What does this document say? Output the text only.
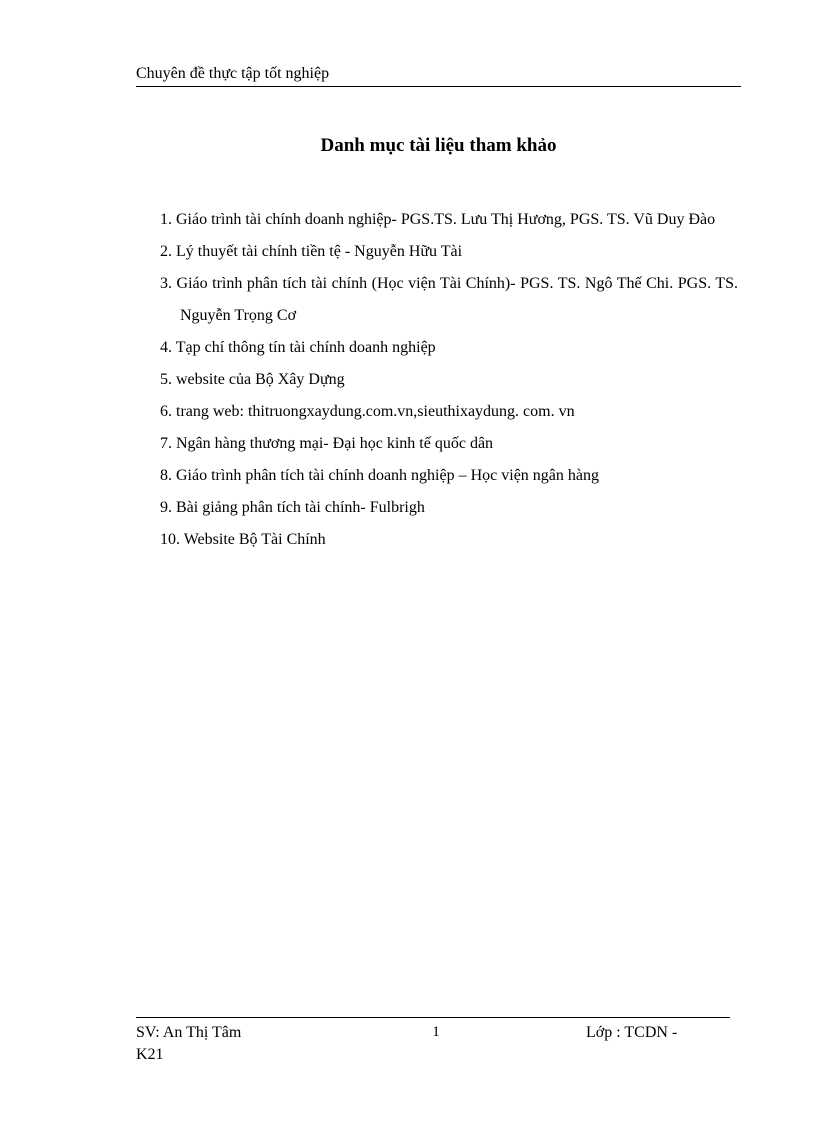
Chuyên đề thực tập tốt nghiệp
Danh mục tài liệu tham khảo
1. Giáo trình tài chính doanh nghiệp- PGS.TS. Lưu Thị Hương, PGS. TS. Vũ Duy Đào
2. Lý thuyết tài chính tiền tệ - Nguyễn Hữu Tài
3. Giáo trình phân tích tài chính (Học viện Tài Chính)- PGS. TS. Ngô Thế Chi. PGS. TS. Nguyễn Trọng Cơ
4. Tạp chí thông tín tài chính doanh nghiệp
5. website của Bộ Xây Dựng
6. trang web: thitruongxaydung.com.vn,sieuthixaydung. com. vn
7. Ngân hàng thương mại- Đại học kinh tế quốc dân
8. Giáo trình phân tích tài chính doanh nghiệp – Học viện ngân hàng
9. Bài giảng phân tích tài chính- Fulbrigh
10. Website Bộ Tài Chính
SV: An Thị Tâm
K21
1	Lớp : TCDN -
